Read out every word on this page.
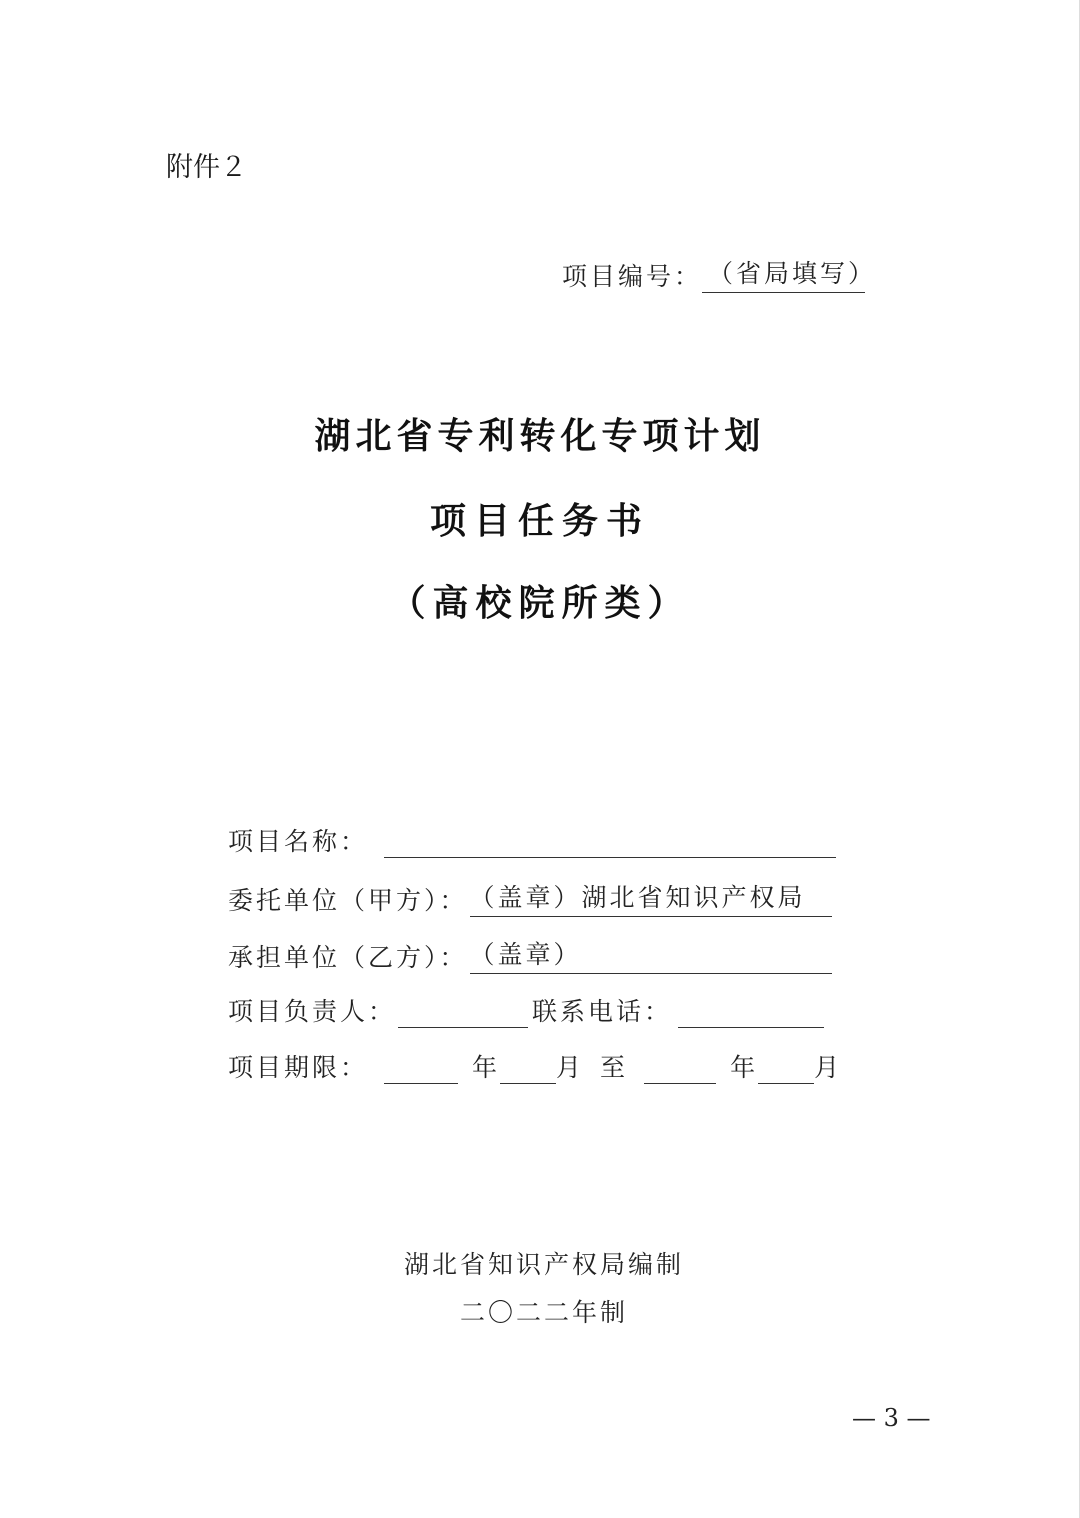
附件２
项目编号： （省局填写）
湖北省专利转化专项计划
项目任务书
（高校院所类）
项目名称：
委托单位（甲方）： （盖章）湖北省知识产权局
承担单位（乙方）： （盖章）
项目负责人：	联系电话：
项目期限：	年 月 至	年 月
湖北省知识产权局编制
二〇二二年制
— 3 —
